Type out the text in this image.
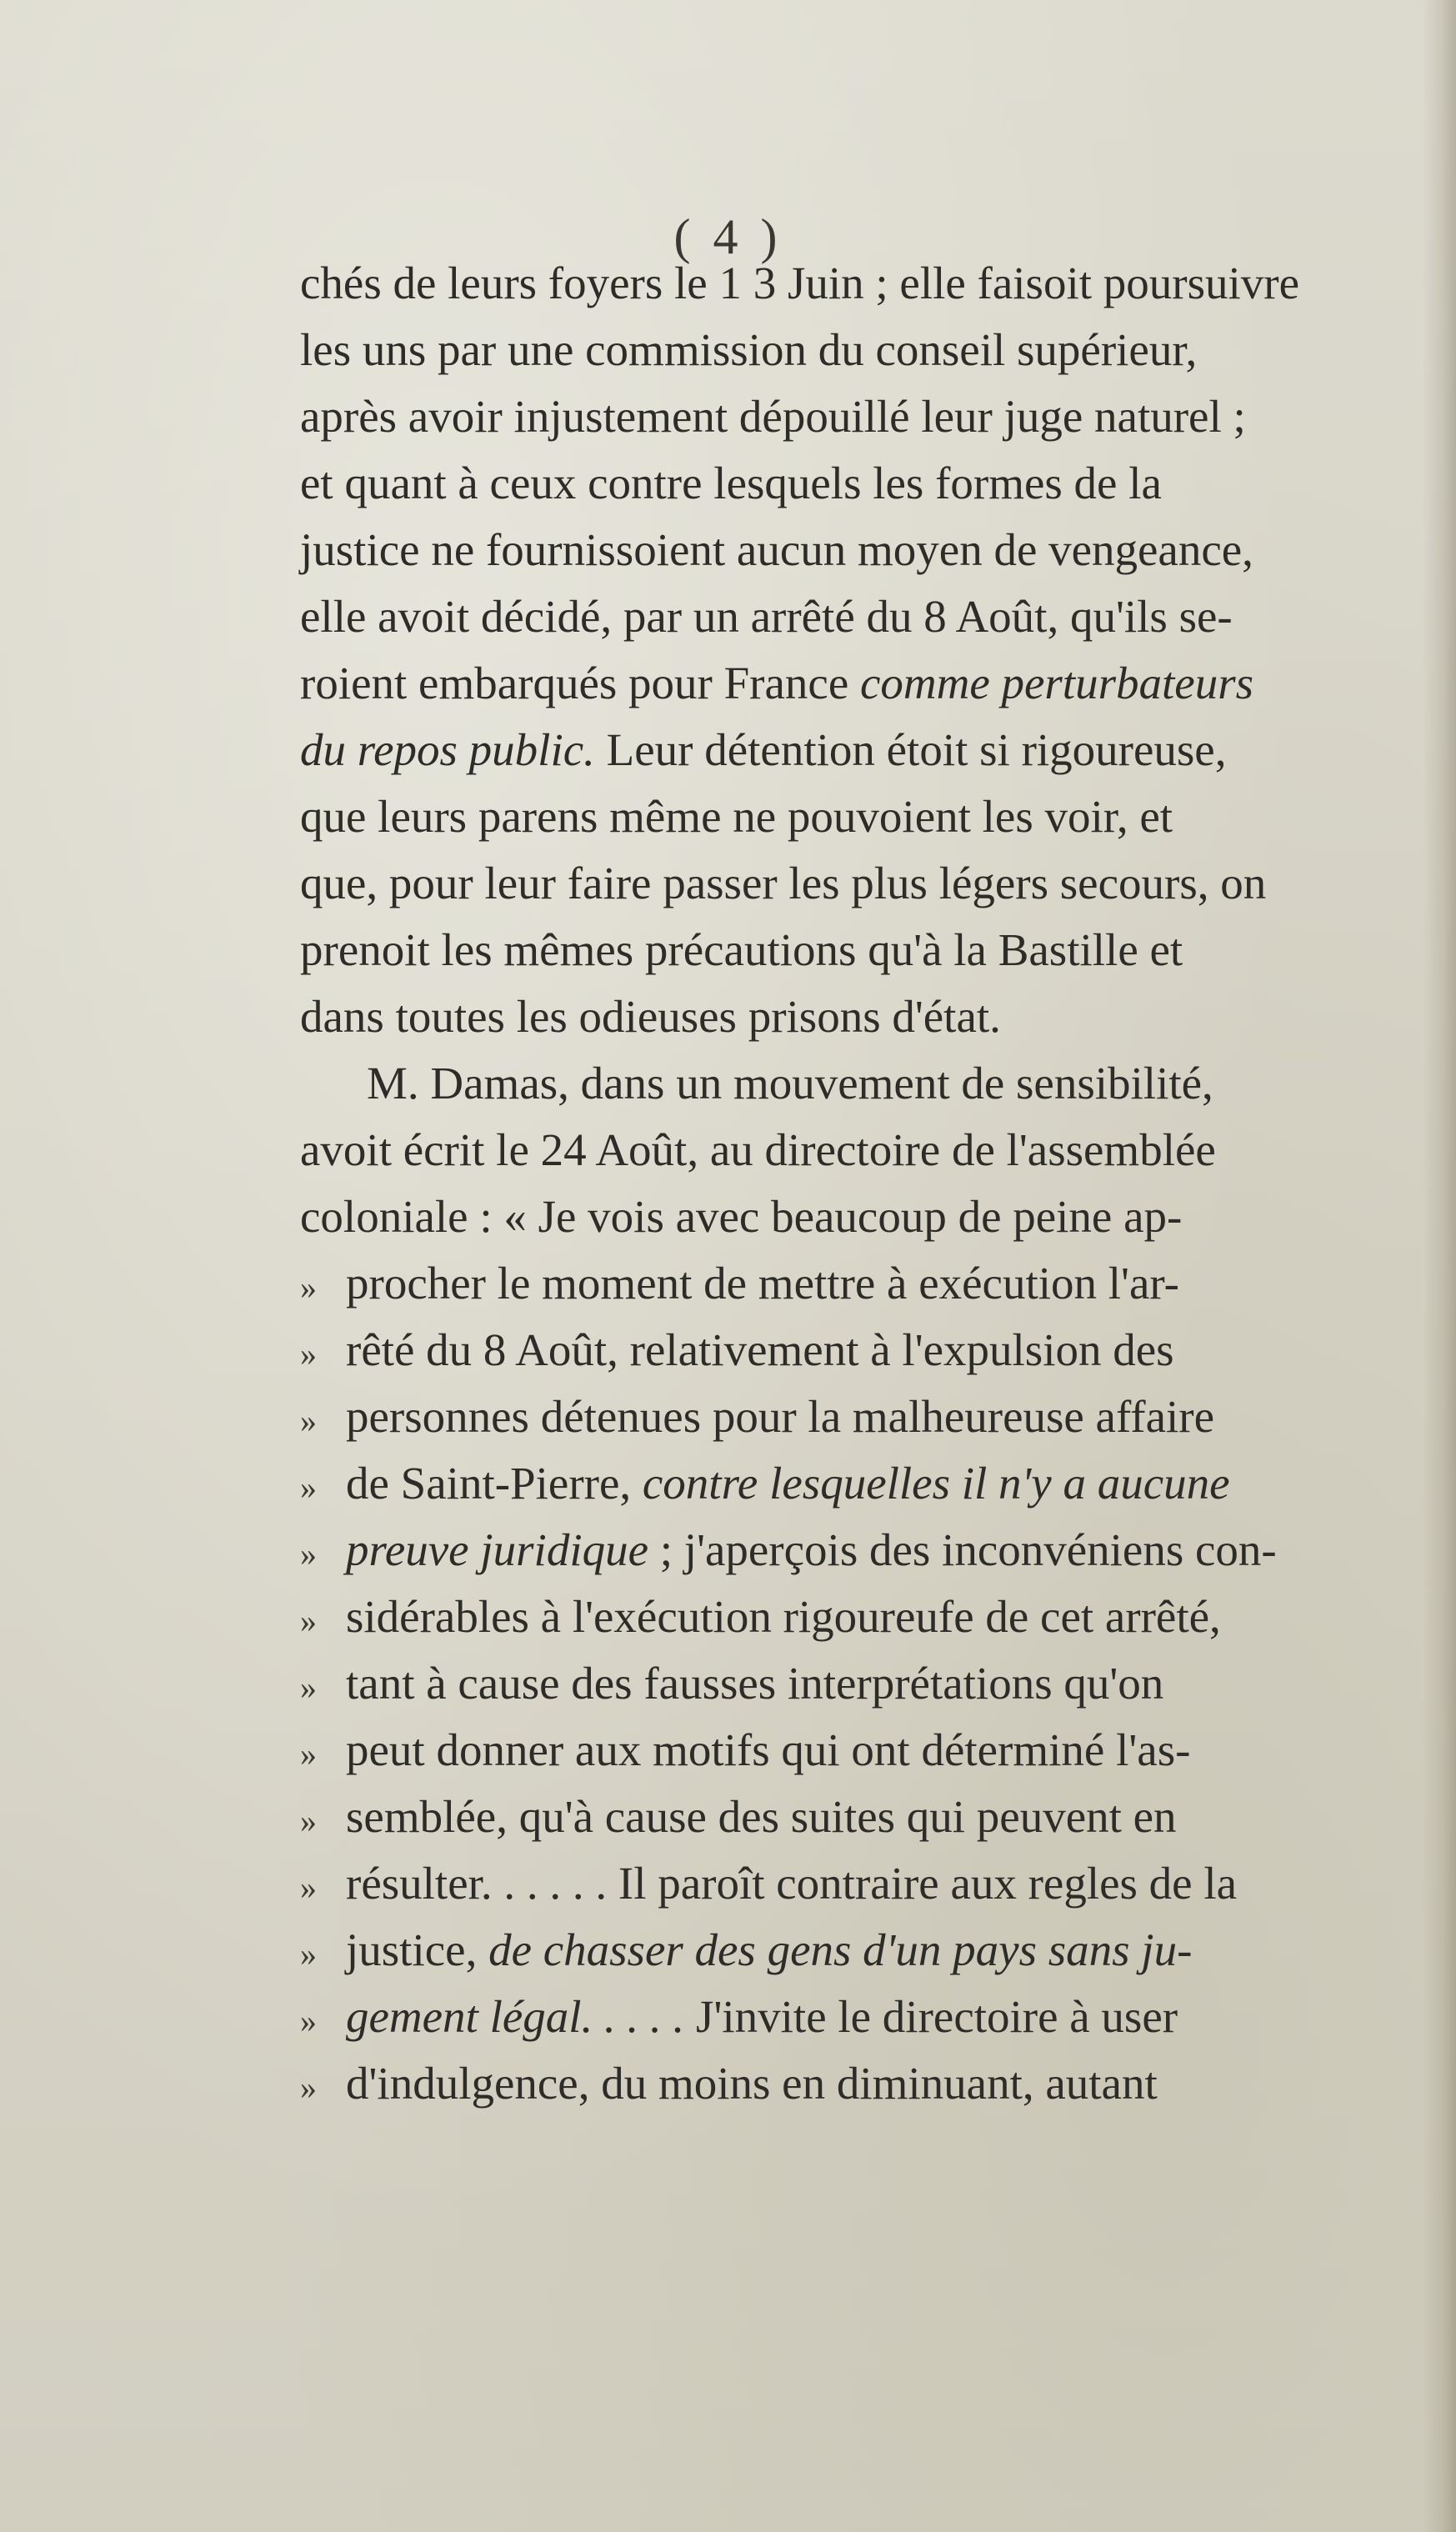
( 4 )
chés de leurs foyers le 1 3 Juin ; elle faisoit poursuivre
les uns par une commission du conseil supérieur,
après avoir injustement dépouillé leur juge naturel ;
et quant à ceux contre lesquels les formes de la
justice ne fournissoient aucun moyen de vengeance,
elle avoit décidé, par un arrêté du 8 Août, qu'ils se-
roient embarqués pour France comme perturbateurs
du repos public. Leur détention étoit si rigoureuse,
que leurs parens même ne pouvoient les voir, et
que, pour leur faire passer les plus légers secours, on
prenoit les mêmes précautions qu'à la Bastille et
dans toutes les odieuses prisons d'état.
M. Damas, dans un mouvement de sensibilité,
avoit écrit le 24 Août, au directoire de l'assemblée
coloniale : « Je vois avec beaucoup de peine ap-
» procher le moment de mettre à exécution l'ar-
» rêté du 8 Août, relativement à l'expulsion des
» personnes détenues pour la malheureuse affaire
» de Saint-Pierre, contre lesquelles il n'y a aucune
» preuve juridique ; j'aperçois des inconvéniens con-
» sidérables à l'exécution rigoureufe de cet arrêté,
» tant à cause des fausses interprétations qu'on
» peut donner aux motifs qui ont déterminé l'as-
» semblée, qu'à cause des suites qui peuvent en
» résulter. . . . . . Il paroît contraire aux regles de la
» justice, de chasser des gens d'un pays sans ju-
» gement légal. . . . . J'invite le directoire à user
» d'indulgence, du moins en diminuant, autant
